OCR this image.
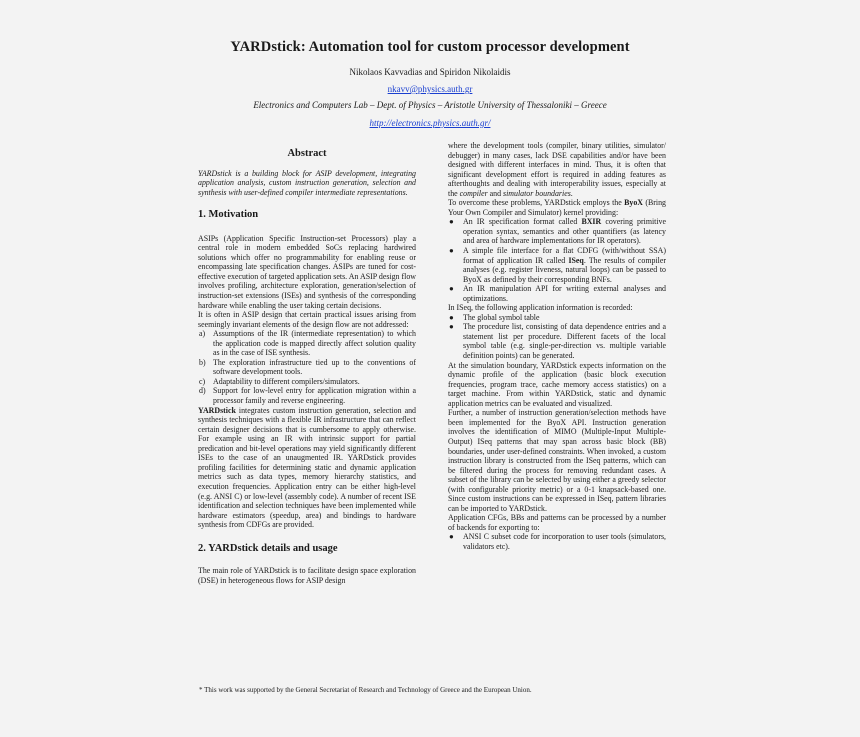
YARDstick: Automation tool for custom processor development
Nikolaos Kavvadias and Spiridon Nikolaidis
nkavv@physics.auth.gr
Electronics and Computers Lab – Dept. of Physics – Aristotle University of Thessaloniki – Greece
http://electronics.physics.auth.gr/
Abstract

YARDstick is a building block for ASIP development, integrating application analysis, custom instruction generation, selection and synthesis with user-defined compiler intermediate representations.

1. Motivation

ASIPs (Application Specific Instruction-set Processors) play a central role in modern embedded SoCs replacing hardwired solutions which offer no programmability for enabling reuse or encompassing late specification changes. ASIPs are tuned for cost-effective execution of targeted application sets. An ASIP design flow involves profiling, architecture exploration, generation/selection of instruction-set extensions (ISEs) and synthesis of the corresponding hardware while enabling the user taking certain decisions.

It is often in ASIP design that certain practical issues arising from seemingly invariant elements of the design flow are not addressed:

a) Assumptions of the IR (intermediate representation) to which the application code is mapped directly affect solution quality as in the case of ISE synthesis.
b) The exploration infrastructure tied up to the conventions of software development tools.
c) Adaptability to different compilers/simulators.
d) Support for low-level entry for application migration within a processor family and reverse engineering.

YARDstick integrates custom instruction generation, selection and synthesis techniques with a flexible IR infrastructure that can reflect certain designer decisions that is cumbersome to apply otherwise. For example using an IR with intrinsic support for partial predication and bit-level operations may yield significantly different ISEs to the case of an unaugmented IR. YARDstick provides profiling facilities for determining static and dynamic application metrics such as data types, memory hierarchy statistics, and execution frequencies. Application entry can be either high-level (e.g. ANSI C) or low-level (assembly code). A number of recent ISE identification and selection techniques have been implemented while hardware estimators (speedup, area) and bindings to hardware synthesis from CDFGs are provided.

2. YARDstick details and usage

The main role of YARDstick is to facilitate design space exploration (DSE) in heterogeneous flows for ASIP design

where the development tools (compiler, binary utilities, simulator/ debugger) in many cases, lack DSE capabilities and/or have been designed with different interfaces in mind. Thus, it is often that significant development effort is required in adding features as afterthoughts and dealing with interoperability issues, especially at the compiler and simulator boundaries.

To overcome these problems, YARDstick employs the ByoX (Bring Your Own Compiler and Simulator) kernel providing:

● An IR specification format called BXIR covering primitive operation syntax, semantics and other quantifiers (as latency and area of hardware implementations for IR operators).
● A simple file interface for a flat CDFG (with/without SSA) format of application IR called ISeq. The results of compiler analyses (e.g. register liveness, natural loops) can be passed to ByoX as defined by their corresponding BNFs.
● An IR manipulation API for writing external analyses and optimizations.

In ISeq, the following application information is recorded:

● The global symbol table
● The procedure list, consisting of data dependence entries and a statement list per procedure. Different facets of the local symbol table (e.g. single-per-direction vs. multiple variable definition points) can be generated.

At the simulation boundary, YARDstick expects information on the dynamic profile of the application (basic block execution frequencies, program trace, cache memory access statistics) on a target machine. From within YARDstick, static and dynamic application metrics can be evaluated and visualized.

Further, a number of instruction generation/selection methods have been implemented for the ByoX API. Instruction generation involves the identification of MIMO (Multiple-Input Multiple-Output) ISeq patterns that may span across basic block (BB) boundaries, under user-defined constraints. When invoked, a custom instruction library is constructed from the ISeq patterns, which can be filtered during the process for removing redundant cases. A subset of the library can be selected by using either a greedy selector (with configurable priority metric) or a 0-1 knapsack-based one. Since custom instructions can be expressed in ISeq, pattern libraries can be imported to YARDstick.

Application CFGs, BBs and patterns can be processed by a number of backends for exporting to:

● ANSI C subset code for incorporation to user tools (simulators, validators etc).
* This work was supported by the General Secretariat of Research and Technology of Greece and the European Union.
